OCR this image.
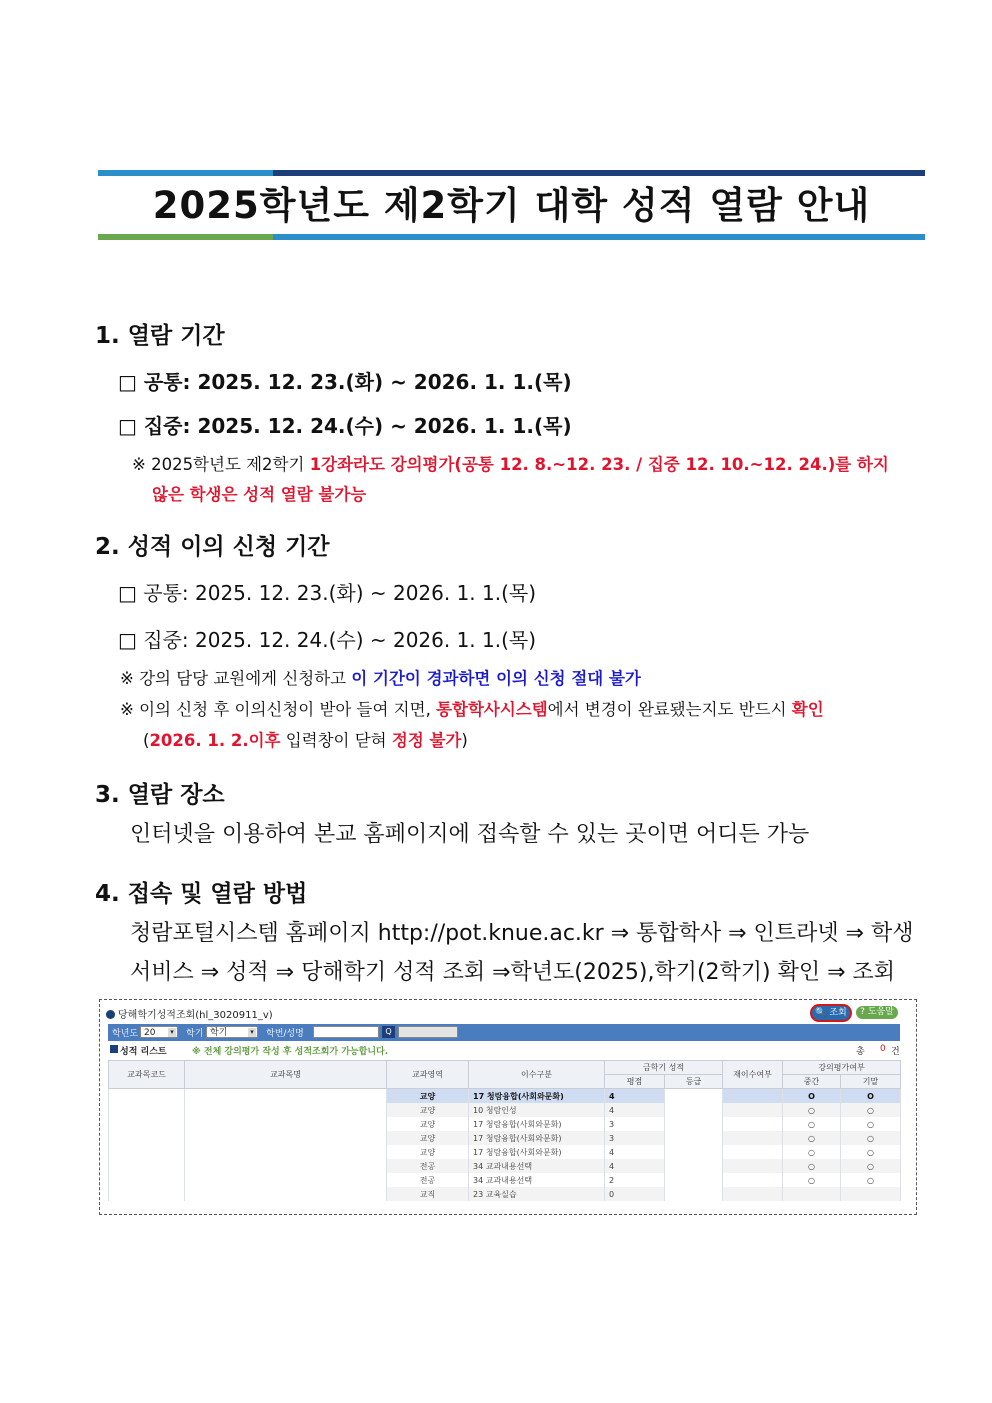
2025학년도 제2학기 대학 성적 열람 안내
1. 열람 기간
□ 공통: 2025. 12. 23.(화) ~ 2026. 1. 1.(목)
□ 집중: 2025. 12. 24.(수) ~ 2026. 1. 1.(목)
※ 2025학년도 제2학기 1강좌라도 강의평가(공통 12. 8.~12. 23. / 집중 12. 10.~12. 24.)를 하지
않은 학생은 성적 열람 불가능
2. 성적 이의 신청 기간
□ 공통: 2025. 12. 23.(화) ~ 2026. 1. 1.(목)
□ 집중: 2025. 12. 24.(수) ~ 2026. 1. 1.(목)
※ 강의 담당 교원에게 신청하고 이 기간이 경과하면 이의 신청 절대 불가
※ 이의 신청 후 이의신청이 받아 들여 지면, 통합학사시스템에서 변경이 완료됐는지도 반드시 확인
(2026. 1. 2.이후 입력창이 닫혀 정정 불가)
3. 열람 장소
인터넷을 이용하여 본교 홈페이지에 접속할 수 있는 곳이면 어디든 가능
4. 접속 및 열람 방법
청람포털시스템 홈페이지 http://pot.knue.ac.kr ⇒ 통합학사 ⇒ 인트라넷 ⇒ 학생
서비스 ⇒ 성적 ⇒ 당해학기 성적 조회 ⇒학년도(2025),학기(2학기) 확인 ⇒ 조회
당해학기성적조회(hl_3020911_v)	🔍 조회	? 도움말
학년도 20	▾ 학기 학기	▾ 학번/성명	Q
성적 리스트	※ 전체 강의평가 작성 후 성적조회가 가능합니다.	총 0 건
교과목코드	교과목명	교과영역	이수구분	금학기 성적		재이수여부	강의평가여부	
				평점	등급		중간	기말
		교양	17 청람융합(사회와문화)	4			O	O
		교양	10 청람인성	4			○	○
		교양	17 청람융합(사회와문화)	3			○	○
		교양	17 청람융합(사회와문화)	3			○	○
		교양	17 청람융합(사회와문화)	4			○	○
		전공	34 교과내용선택	4			○	○
		전공	34 교과내용선택	2			○	○
		교직	23 교육실습	0				
